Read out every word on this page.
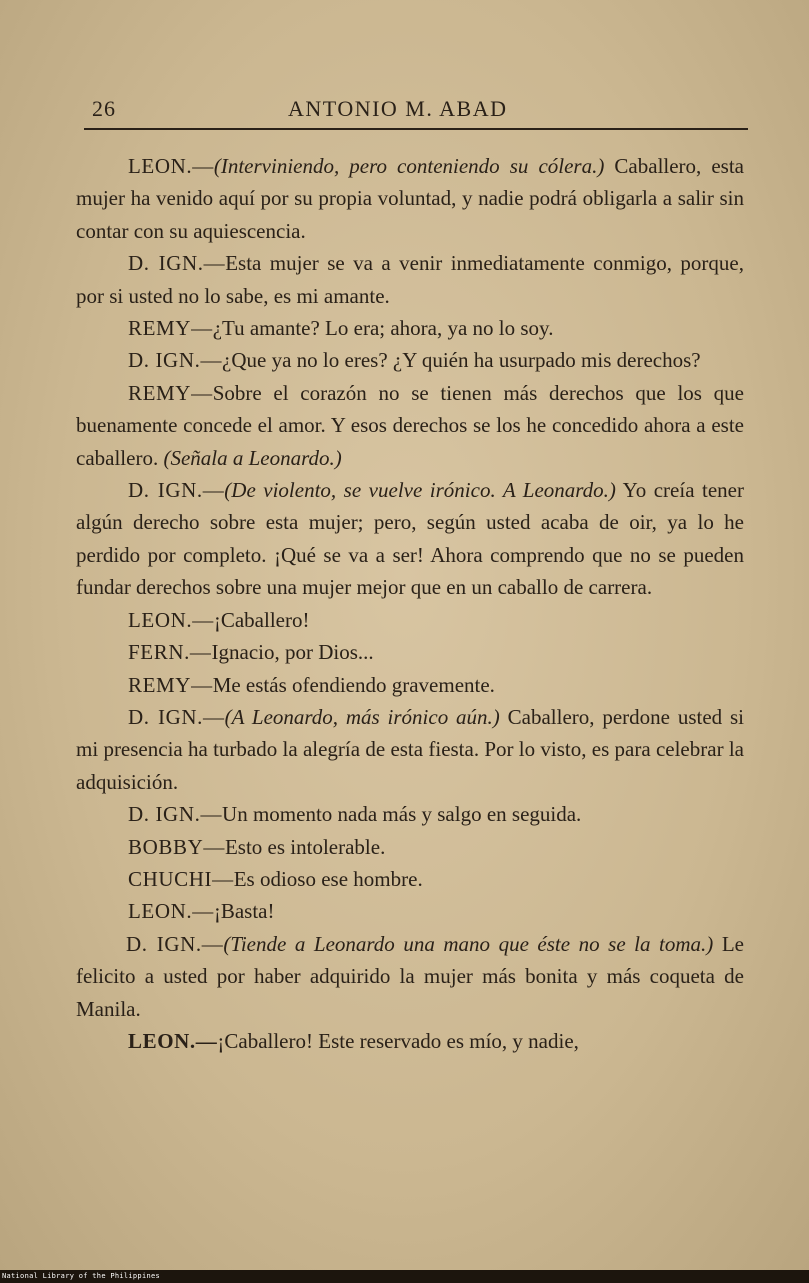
26	ANTONIO M. ABAD

LEON.—(Interviniendo, pero conteniendo su cólera.) Caballero, esta mujer ha venido aquí por su propia voluntad, y nadie podrá obligarla a salir sin contar con su aquiescencia.

D. IGN.—Esta mujer se va a venir inmediatamente conmigo, porque, por si usted no lo sabe, es mi amante.

REMY—¿Tu amante? Lo era; ahora, ya no lo soy.

D. IGN.—¿Que ya no lo eres? ¿Y quién ha usurpado mis derechos?

REMY—Sobre el corazón no se tienen más derechos que los que buenamente concede el amor. Y esos derechos se los he concedido ahora a este caballero. (Señala a Leonardo.)

D. IGN.—(De violento, se vuelve irónico. A Leonardo.) Yo creía tener algún derecho sobre esta mujer; pero, según usted acaba de oir, ya lo he perdido por completo. ¡Qué se va a ser! Ahora comprendo que no se pueden fundar derechos sobre una mujer mejor que en un caballo de carrera.

LEON.—¡Caballero!

FERN.—Ignacio, por Dios...

REMY—Me estás ofendiendo gravemente.

D. IGN.—(A Leonardo, más irónico aún.) Caballero, perdone usted si mi presencia ha turbado la alegría de esta fiesta. Por lo visto, es para celebrar la adquisición.

D. IGN.—Un momento nada más y salgo en seguida.

BOBBY—Esto es intolerable.

CHUCHI—Es odioso ese hombre.

LEON.—¡Basta!

D. IGN.—(Tiende a Leonardo una mano que éste no se la toma.) Le felicito a usted por haber adquirido la mujer más bonita y más coqueta de Manila.

LEON.—¡Caballero! Este reservado es mío, y nadie,

National Library of the Philippines
